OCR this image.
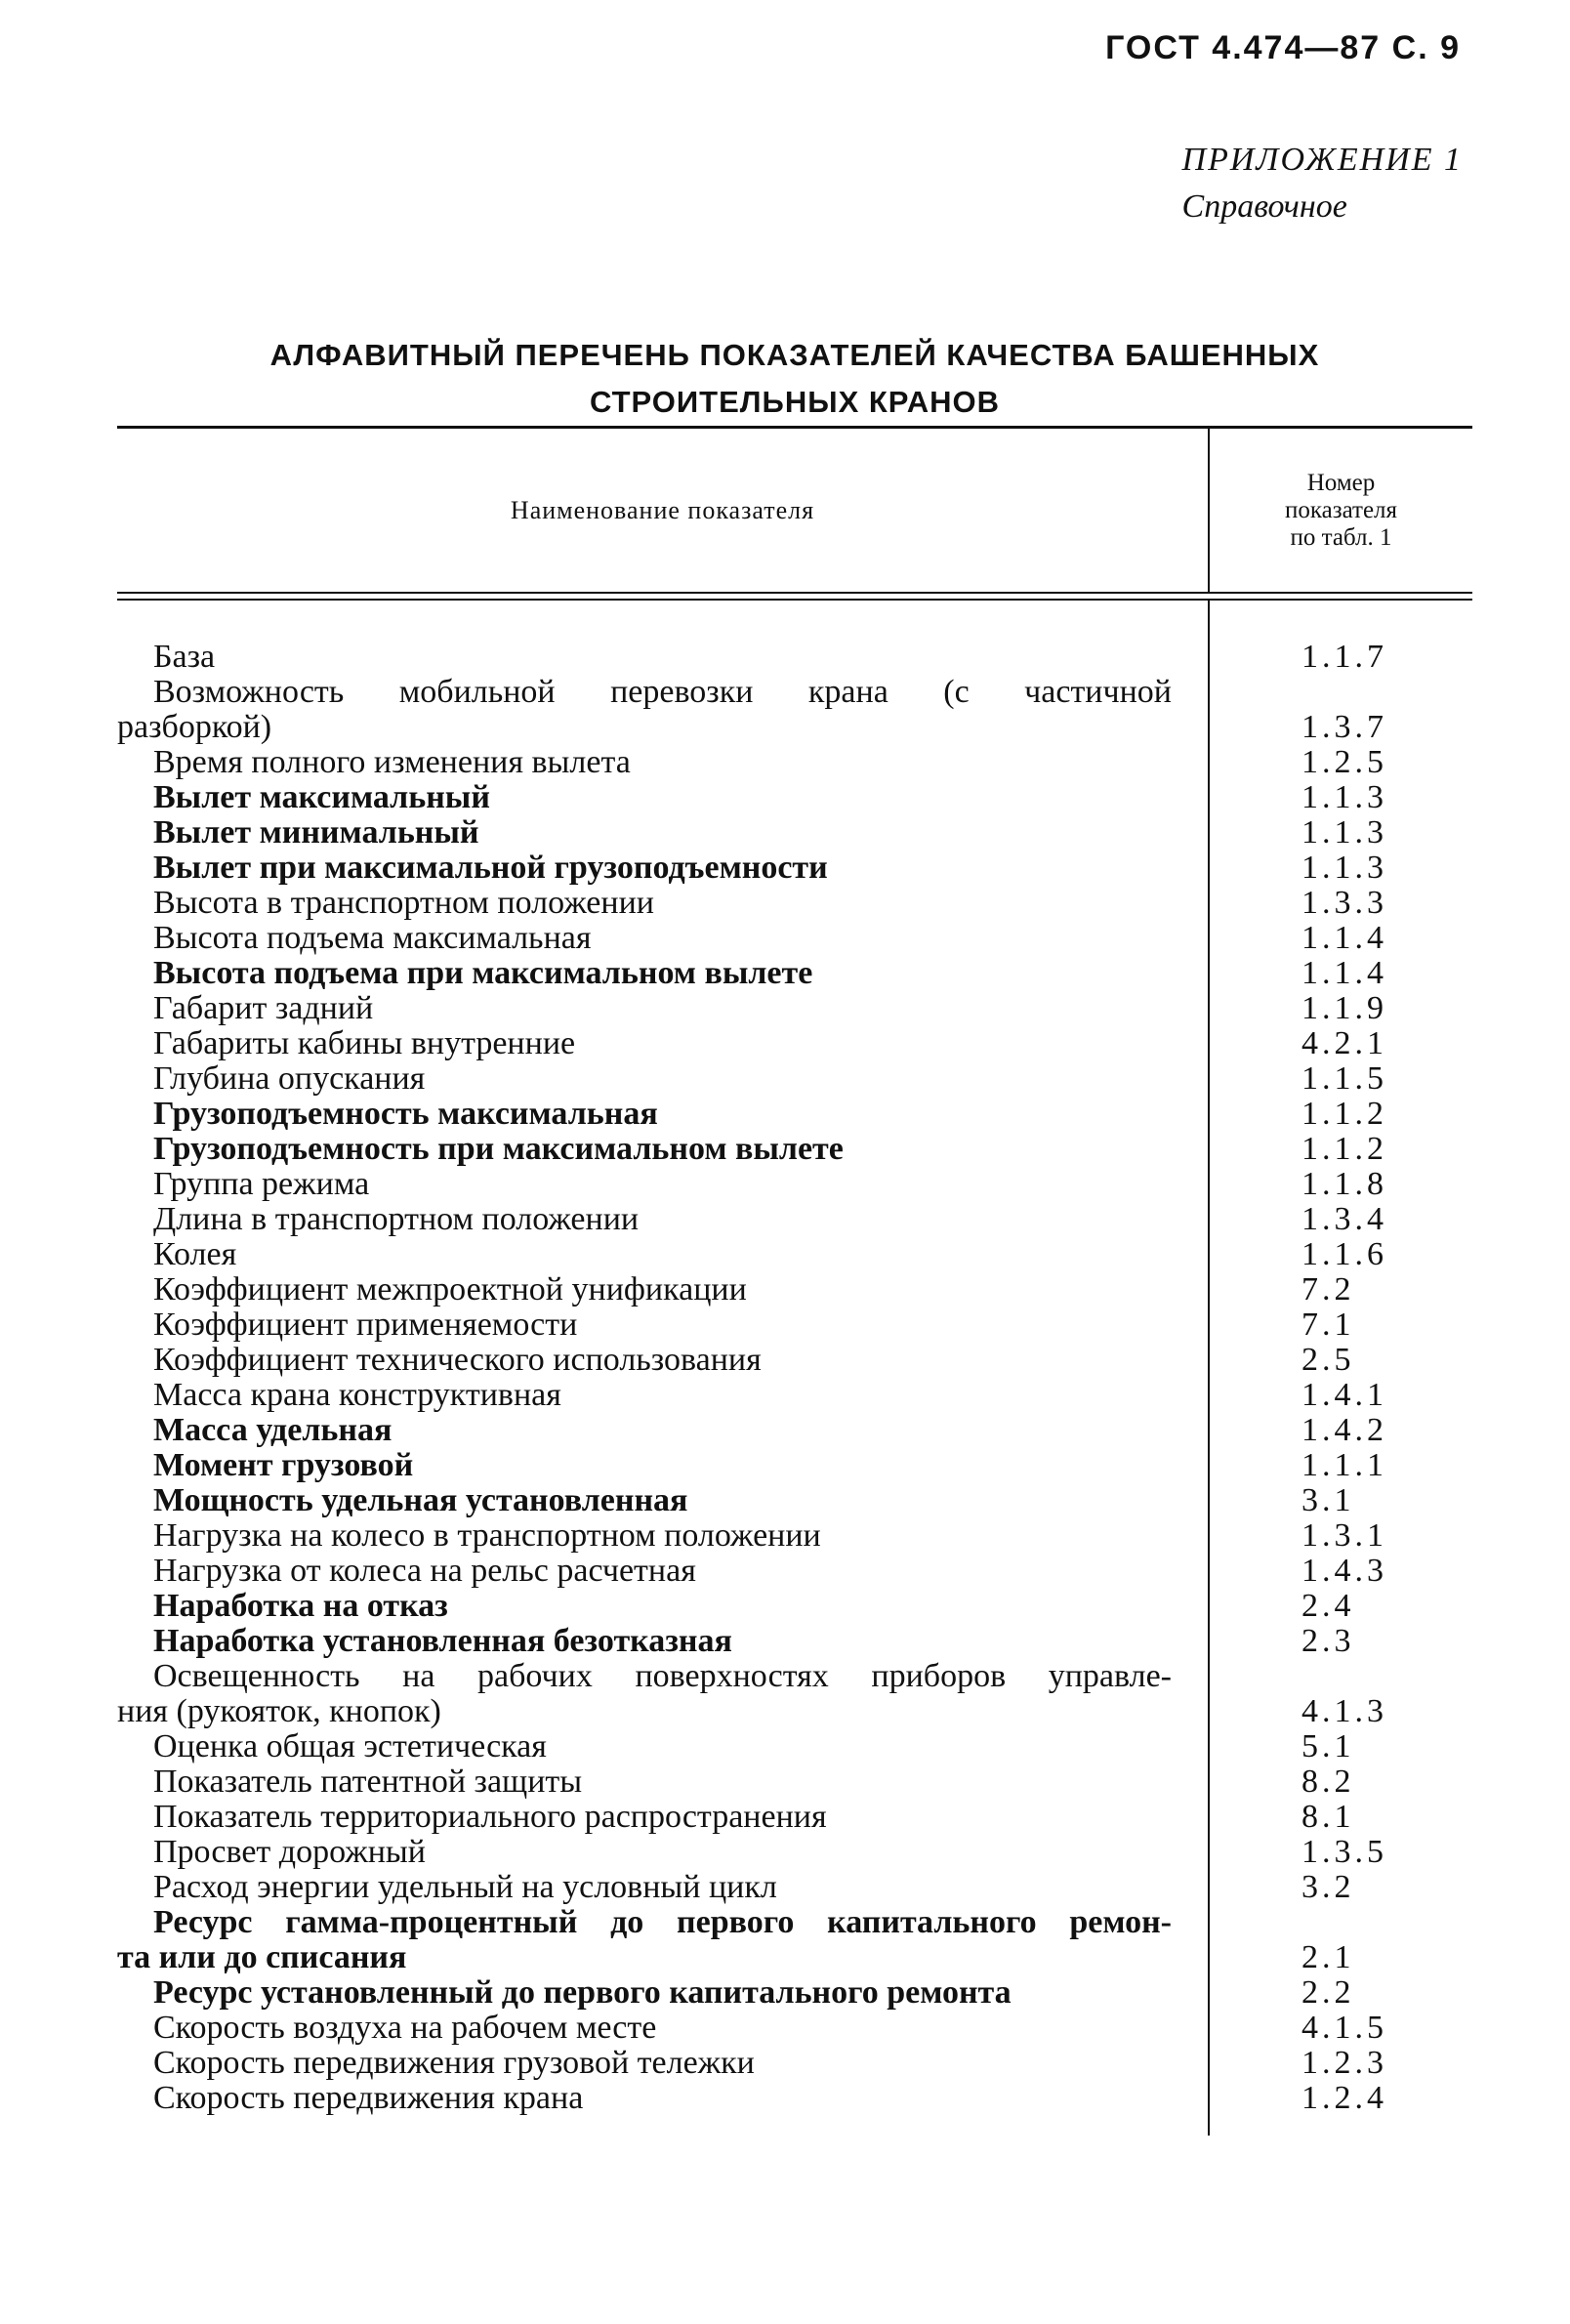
ГОСТ 4.474—87 С. 9
ПРИЛОЖЕНИЕ 1
Справочное
АЛФАВИТНЫЙ ПЕРЕЧЕНЬ ПОКАЗАТЕЛЕЙ КАЧЕСТВА БАШЕННЫХ
СТРОИТЕЛЬНЫХ КРАНОВ
Наименование показателя
Номер
показателя
по табл. 1
База
Возможность мобильной перевозки крана (с частичной
разборкой)
Время полного изменения вылета
Вылет максимальный
Вылет минимальный
Вылет при максимальной грузоподъемности
Высота в транспортном положении
Высота подъема максимальная
Высота подъема при максимальном вылете
Габарит задний
Габариты кабины внутренние
Глубина опускания
Грузоподъемность максимальная
Грузоподъемность при максимальном вылете
Группа режима
Длина в транспортном положении
Колея
Коэффициент межпроектной унификации
Коэффициент применяемости
Коэффициент технического использования
Масса крана конструктивная
Масса удельная
Момент грузовой
Мощность удельная установленная
Нагрузка на колесо в транспортном положении
Нагрузка от колеса на рельс расчетная
Наработка на отказ
Наработка установленная безотказная
Освещенность на рабочих поверхностях приборов управле-
ния (рукояток, кнопок)
Оценка общая эстетическая
Показатель патентной защиты
Показатель территориального распространения
Просвет дорожный
Расход энергии удельный на условный цикл
Ресурс гамма-процентный до первого капитального ремон-
та или до списания
Ресурс установленный до первого капитального ремонта
Скорость воздуха на рабочем месте
Скорость передвижения грузовой тележки
Скорость передвижения крана
1.1.7
1.3.7
1.2.5
1.1.3
1.1.3
1.1.3
1.3.3
1.1.4
1.1.4
1.1.9
4.2.1
1.1.5
1.1.2
1.1.2
1.1.8
1.3.4
1.1.6
7.2
7.1
2.5
1.4.1
1.4.2
1.1.1
3.1
1.3.1
1.4.3
2.4
2.3
4.1.3
5.1
8.2
8.1
1.3.5
3.2
2.1
2.2
4.1.5
1.2.3
1.2.4
